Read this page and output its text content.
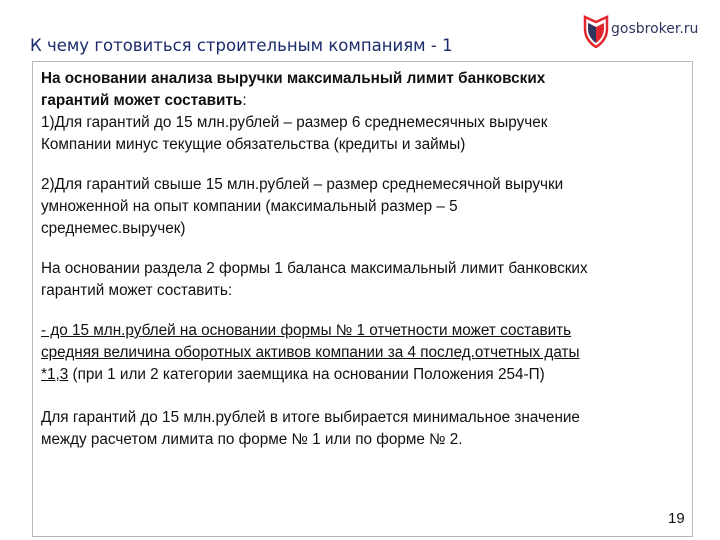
К чему готовиться строительным компаниям - 1
gosbroker.ru
На основании анализа выручки максимальный лимит банковских
гарантий может составить:
1)Для гарантий до 15 млн.рублей – размер 6 среднемесячных выручек
Компании минус текущие обязательства (кредиты и займы)
2)Для гарантий свыше 15 млн.рублей – размер среднемесячной выручки
умноженной на опыт компании (максимальный размер – 5
среднемес.выручек)
На основании раздела 2 формы 1 баланса максимальный лимит банковских
гарантий может составить:
- до 15 млн.рублей на основании формы № 1 отчетности может составить
средняя величина оборотных активов компании за 4 послед.отчетных даты
*1,3 (при 1 или 2 категории заемщика на основании Положения 254-П)
Для гарантий до 15 млн.рублей в итоге выбирается минимальное значение
между расчетом лимита по форме № 1 или по форме № 2.
19
